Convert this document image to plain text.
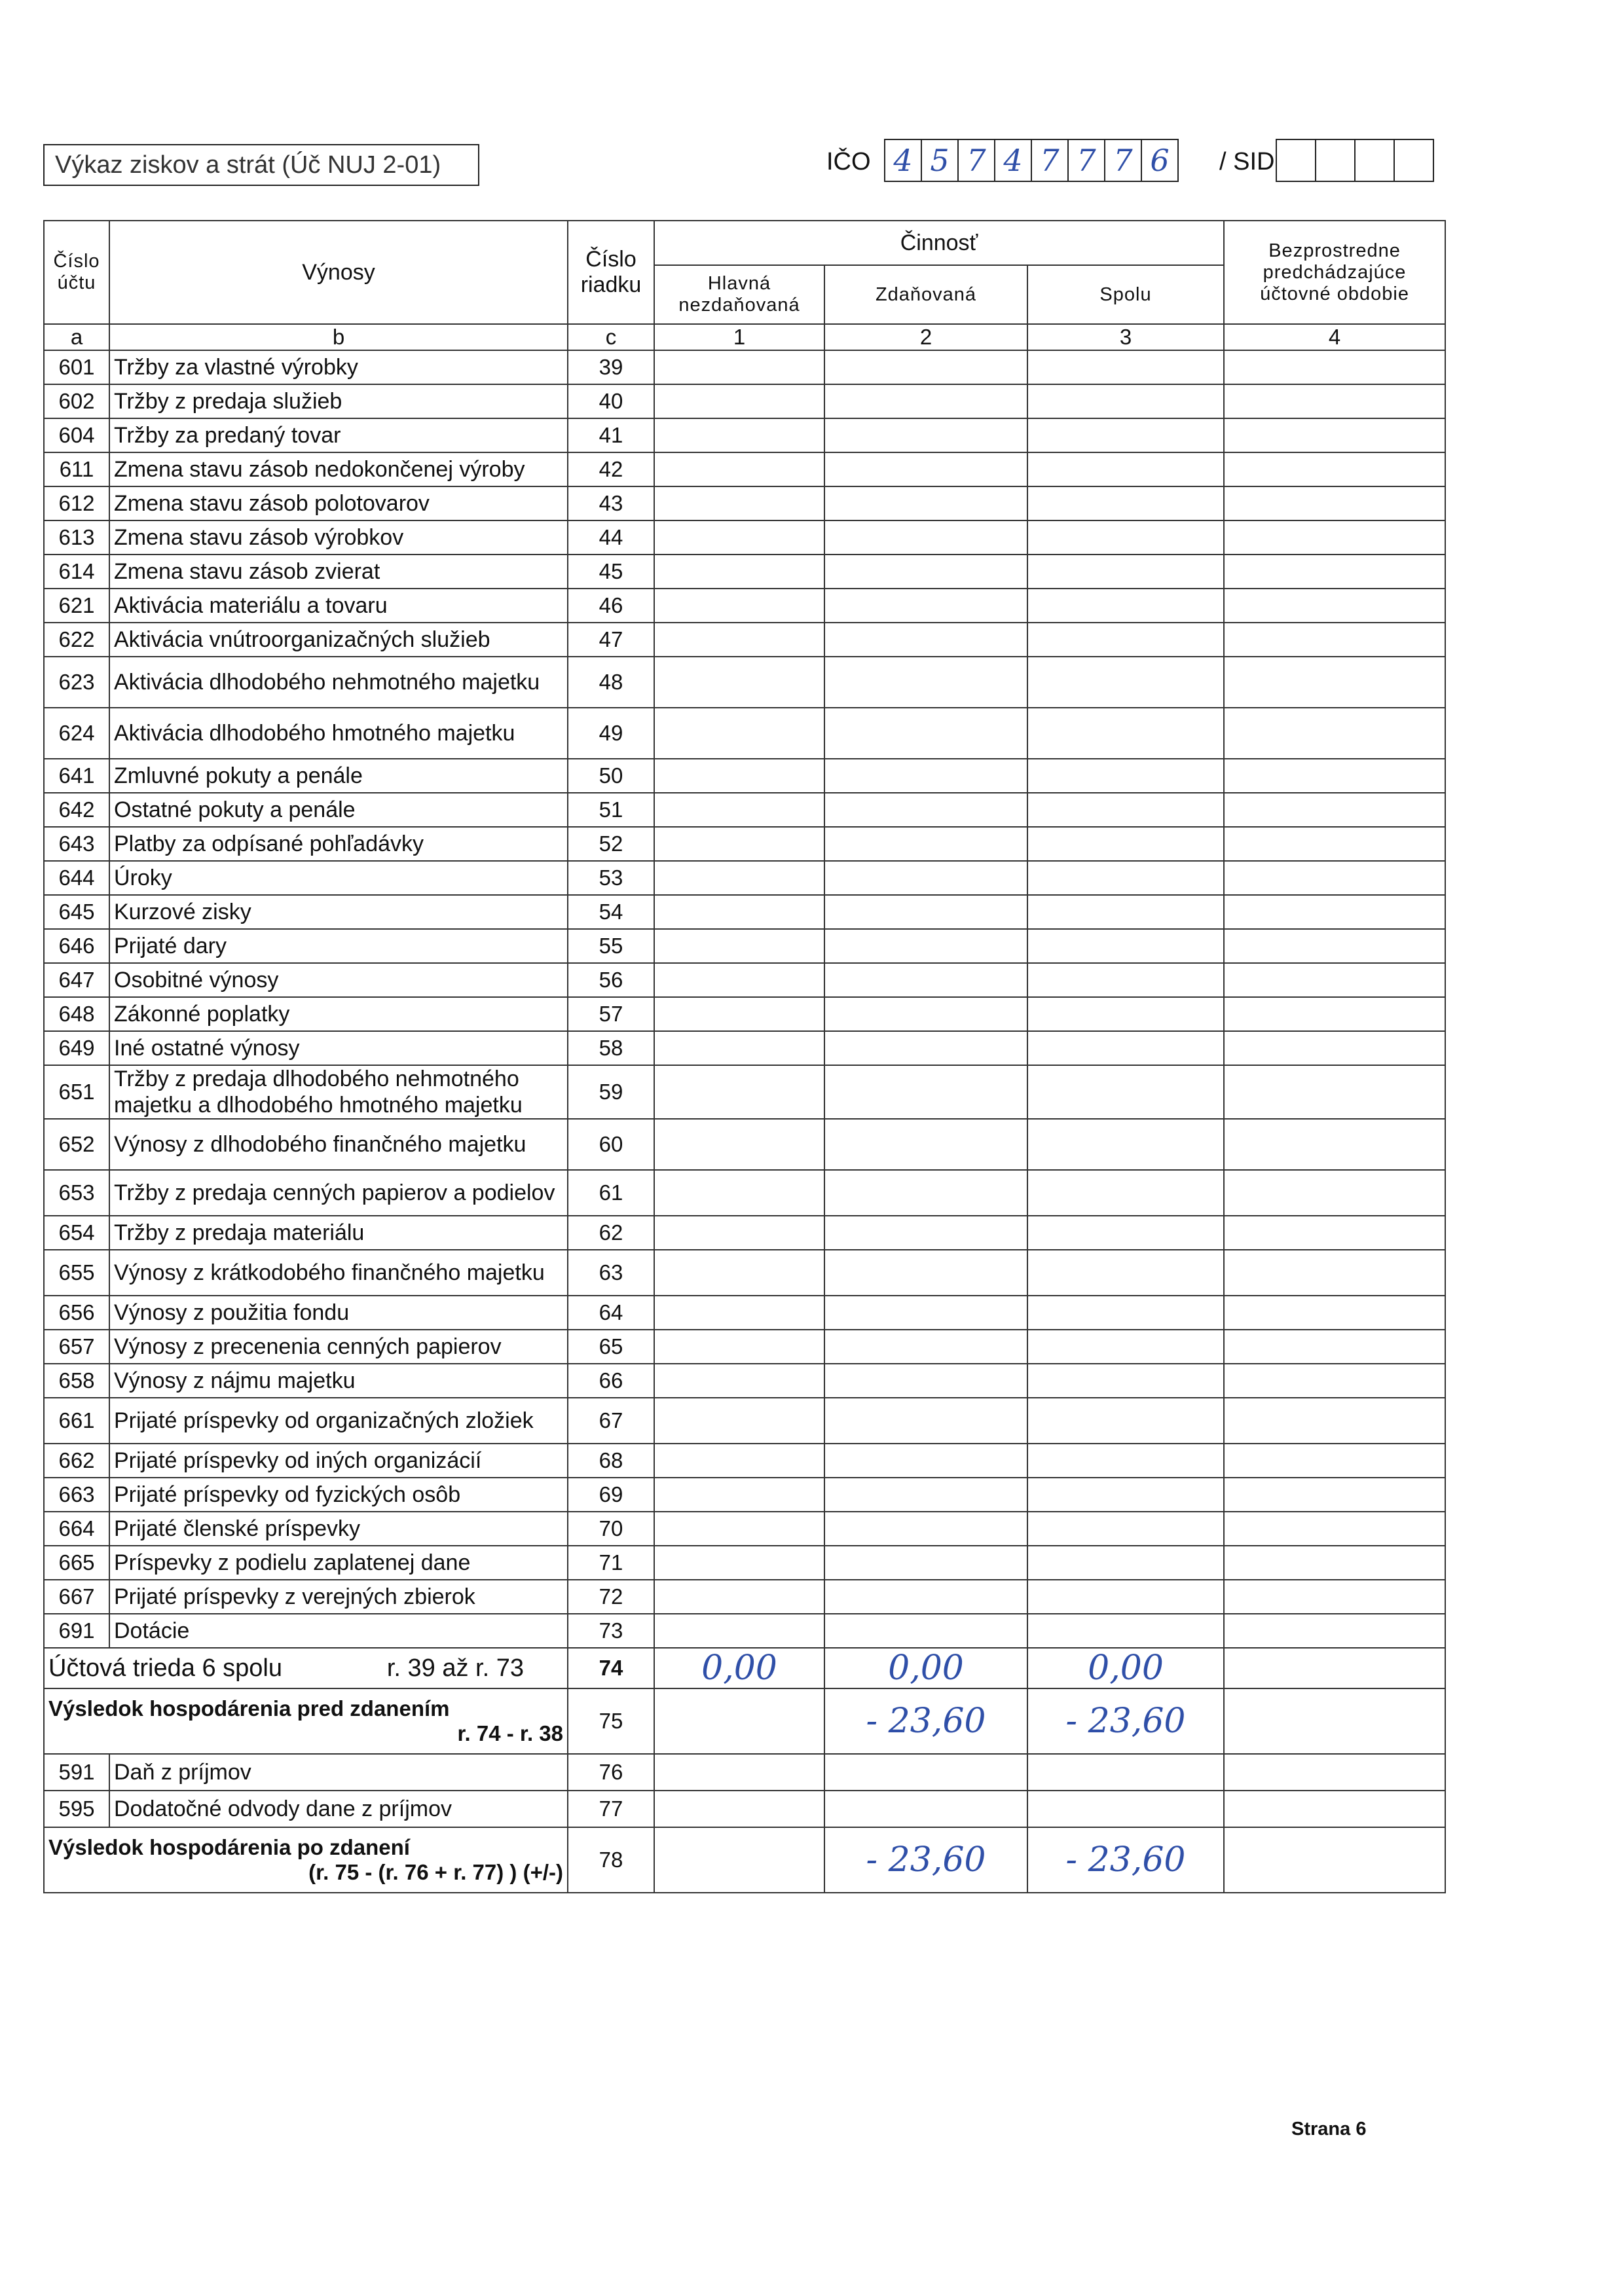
Výkaz ziskov a strát (Úč NUJ 2-01)	IČO 4 5 7 4 7 7 7 6	/ SID
Číslo účtu	Výnosy	Číslo riadku	Činnosť			Bezprostredne predchádzajúce účtovné obdobie
			Hlavná nezdaňovaná	Zdaňovaná	Spolu	
a	b	c	1	2	3	4
601	Tržby za vlastné výrobky	39				
602	Tržby z predaja služieb	40				
604	Tržby za predaný tovar	41				
611	Zmena stavu zásob nedokončenej výroby	42				
612	Zmena stavu zásob polotovarov	43				
613	Zmena stavu zásob výrobkov	44				
614	Zmena stavu zásob zvierat	45				
621	Aktivácia materiálu a tovaru	46				
622	Aktivácia vnútroorganizačných služieb	47				
623	Aktivácia dlhodobého nehmotného majetku	48				
624	Aktivácia dlhodobého hmotného majetku	49				
641	Zmluvné pokuty a penále	50				
642	Ostatné pokuty a penále	51				
643	Platby za odpísané pohľadávky	52				
644	Úroky	53				
645	Kurzové zisky	54				
646	Prijaté dary	55				
647	Osobitné výnosy	56				
648	Zákonné poplatky	57				
649	Iné ostatné výnosy	58				
651	Tržby z predaja dlhodobého nehmotného majetku a dlhodobého hmotného majetku	59				
652	Výnosy z dlhodobého finančného majetku	60				
653	Tržby z predaja cenných papierov a podielov	61				
654	Tržby z predaja materiálu	62				
655	Výnosy z krátkodobého finančného majetku	63				
656	Výnosy z použitia fondu	64				
657	Výnosy z precenenia cenných papierov	65				
658	Výnosy z nájmu majetku	66				
661	Prijaté príspevky od organizačných zložiek	67				
662	Prijaté príspevky od iných organizácií	68				
663	Prijaté príspevky od fyzických osôb	69				
664	Prijaté členské príspevky	70				
665	Príspevky z podielu zaplatenej dane	71				
667	Prijaté príspevky z verejných zbierok	72				
691	Dotácie	73				
Účtová trieda 6 spolu r. 39 až r. 73		74	0,00	0,00	0,00	

Výsledok hospodárenia pred zdanením
r. 74 - r. 38		75		- 23,60	- 23,60	
591	Daň z príjmov	76				
595	Dodatočné odvody dane z príjmov	77				

Výsledok hospodárenia po zdanení
(r. 75 - (r. 76 + r. 77) ) (+/-)		78		- 23,60	- 23,60	
Strana 6
